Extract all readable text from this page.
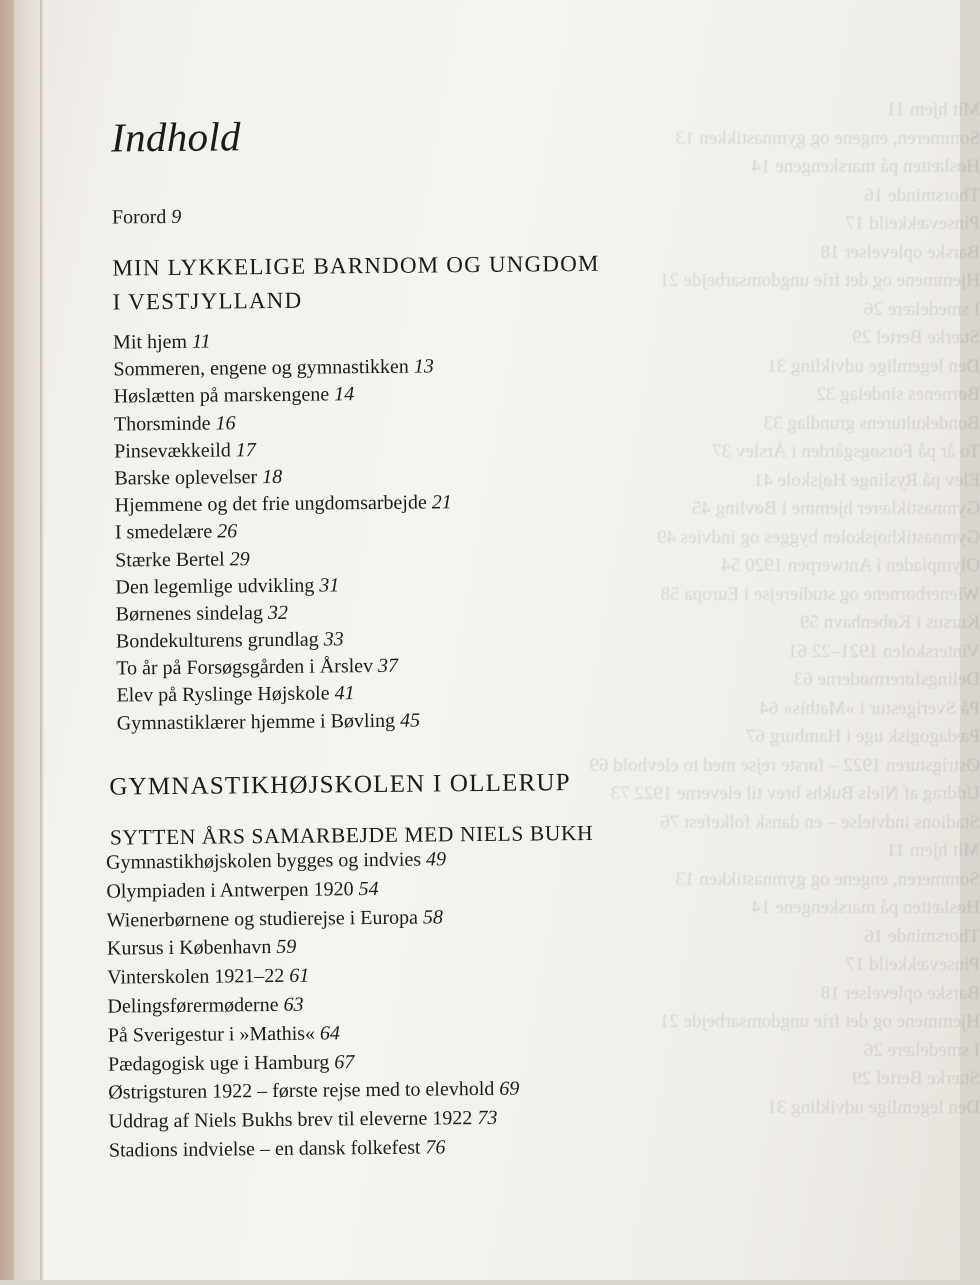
Mit hjem 11
Sommeren, engene og gymnastikken 13
Høslætten på marskengene 14
Thorsminde 16
Pinsevækkeild 17
Barske oplevelser 18
Hjemmene og det frie ungdomsarbejde 21
I smedelære 26
Stærke Bertel 29
Den legemlige udvikling 31
Børnenes sindelag 32
Bondekulturens grundlag 33
To år på Forsøgsgården i Årslev 37
Elev på Ryslinge Højskole 41
Gymnastiklærer hjemme i Bøvling 45
Gymnastikhøjskolen bygges og indvies 49
Olympiaden i Antwerpen 1920 54
Wienerbørnene og studierejse i Europa 58
Kursus i København 59
Vinterskolen 1921–22 61
Delingsførermøderne 63
På Sverigestur i »Mathis« 64
Pædagogisk uge i Hamburg 67
Østrigsturen 1922 – første rejse med to elevhold 69
Uddrag af Niels Bukhs brev til eleverne 1922 73
Stadions indvielse – en dansk folkefest 76
Mit hjem 11
Sommeren, engene og gymnastikken 13
Høslætten på marskengene 14
Thorsminde 16
Pinsevækkeild 17
Barske oplevelser 18
Hjemmene og det frie ungdomsarbejde 21
I smedelære 26
Stærke Bertel 29
Den legemlige udvikling 31
Indhold
Forord 9
MIN LYKKELIGE BARNDOM OG UNGDOM
I VESTJYLLAND
Mit hjem 11
Sommeren, engene og gymnastikken 13
Høslætten på marskengene 14
Thorsminde 16
Pinsevækkeild 17
Barske oplevelser 18
Hjemmene og det frie ungdomsarbejde 21
I smedelære 26
Stærke Bertel 29
Den legemlige udvikling 31
Børnenes sindelag 32
Bondekulturens grundlag 33
To år på Forsøgsgården i Årslev 37
Elev på Ryslinge Højskole 41
Gymnastiklærer hjemme i Bøvling 45
GYMNASTIKHØJSKOLEN I OLLERUP
SYTTEN ÅRS SAMARBEJDE MED NIELS BUKH
Gymnastikhøjskolen bygges og indvies 49
Olympiaden i Antwerpen 1920 54
Wienerbørnene og studierejse i Europa 58
Kursus i København 59
Vinterskolen 1921–22 61
Delingsførermøderne 63
På Sverigestur i »Mathis« 64
Pædagogisk uge i Hamburg 67
Østrigsturen 1922 – første rejse med to elevhold 69
Uddrag af Niels Bukhs brev til eleverne 1922 73
Stadions indvielse – en dansk folkefest 76
